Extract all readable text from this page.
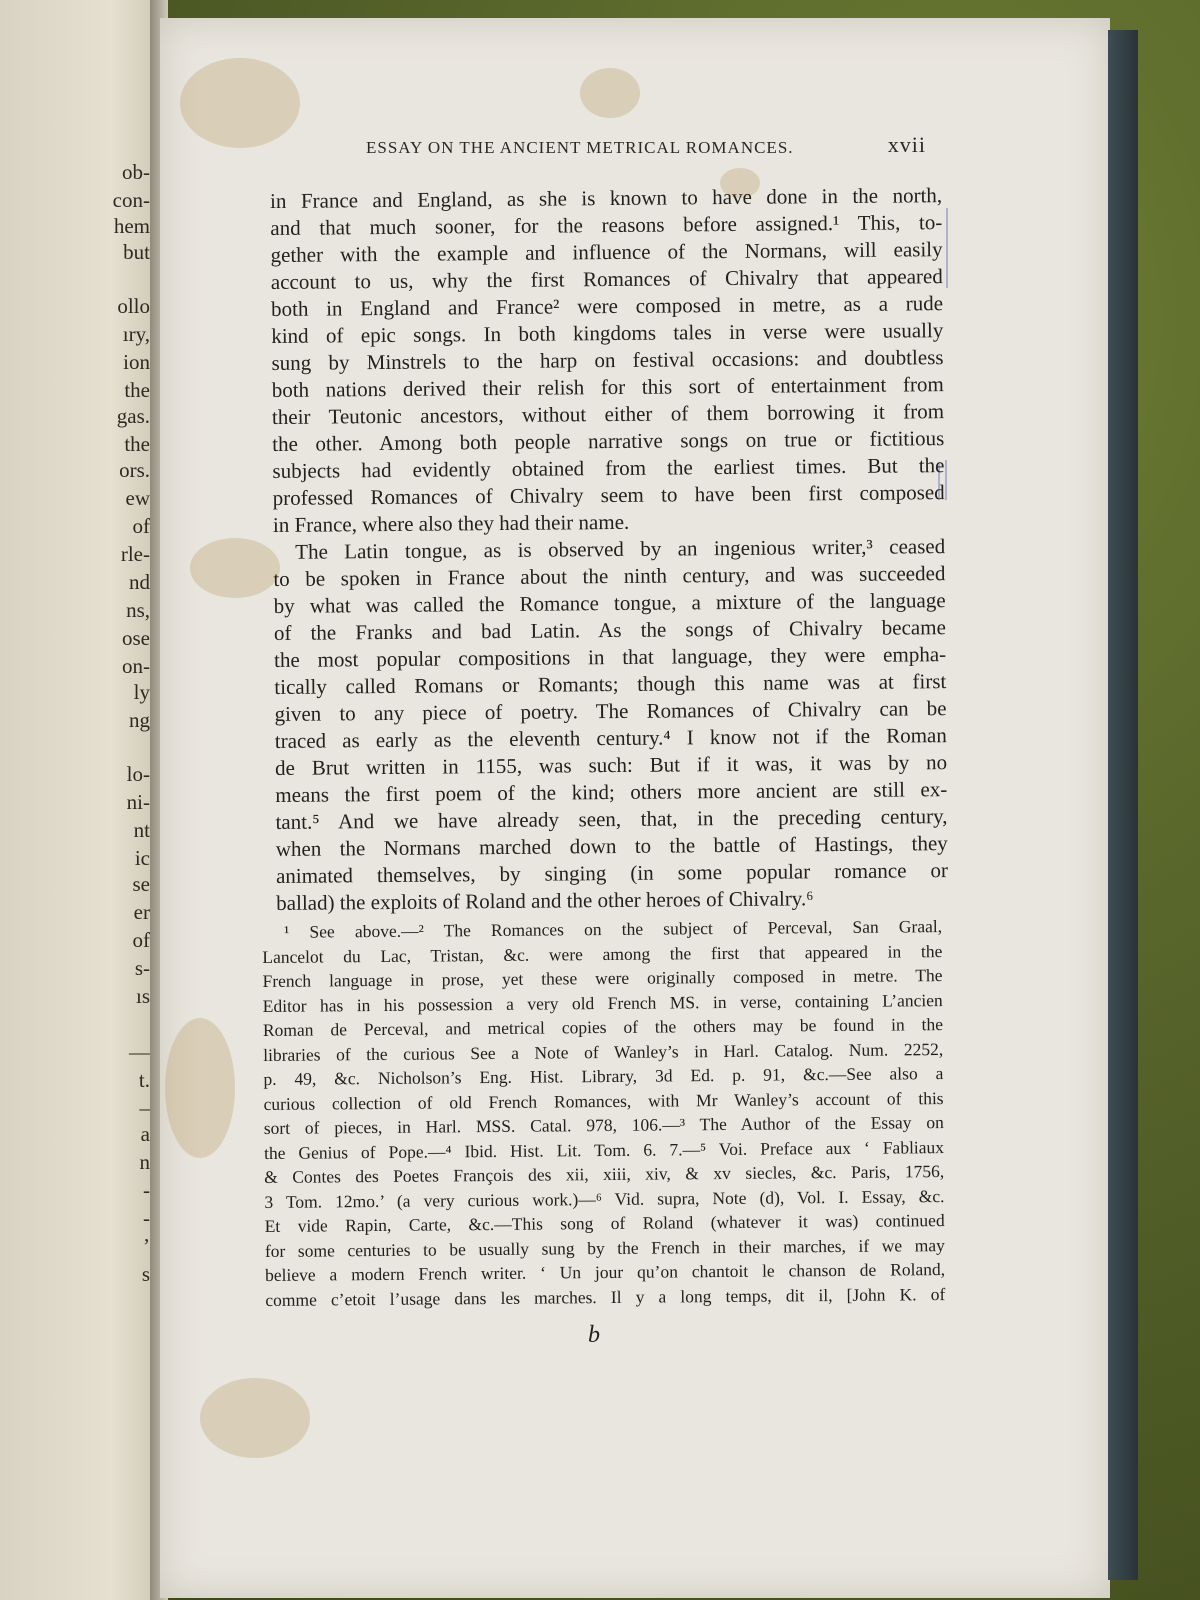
ob-
con-
hem
but
ollo
ıry,
ion
the
gas.
the
ors.
ew
of
rle-
nd
ns,
ose
on-
ly
ng
lo-
ni-
nt
ic
se
er
of
s-
ıs
—
t.
–
a
n
-
-
’
s
ESSAY ON THE ANCIENT METRICAL ROMANCES.	xvii
in France and England, as she is known to have done in the north,
and that much sooner, for the reasons before assigned.¹ This, to-
gether with the example and influence of the Normans, will easily
account to us, why the first Romances of Chivalry that appeared
both in England and France² were composed in metre, as a rude
kind of epic songs. In both kingdoms tales in verse were usually
sung by Minstrels to the harp on festival occasions: and doubtless
both nations derived their relish for this sort of entertainment from
their Teutonic ancestors, without either of them borrowing it from
the other. Among both people narrative songs on true or fictitious
subjects had evidently obtained from the earliest times. But the
professed Romances of Chivalry seem to have been first composed
in France, where also they had their name.
The Latin tongue, as is observed by an ingenious writer,³ ceased
to be spoken in France about the ninth century, and was succeeded
by what was called the Romance tongue, a mixture of the language
of the Franks and bad Latin. As the songs of Chivalry became
the most popular compositions in that language, they were empha-
tically called Romans or Romants; though this name was at first
given to any piece of poetry. The Romances of Chivalry can be
traced as early as the eleventh century.⁴ I know not if the Roman
de Brut written in 1155, was such: But if it was, it was by no
means the first poem of the kind; others more ancient are still ex-
tant.⁵ And we have already seen, that, in the preceding century,
when the Normans marched down to the battle of Hastings, they
animated themselves, by singing (in some popular romance or
ballad) the exploits of Roland and the other heroes of Chivalry.⁶
¹ See above.—² The Romances on the subject of Perceval, San Graal,
Lancelot du Lac, Tristan, &c. were among the first that appeared in the
French language in prose, yet these were originally composed in metre. The
Editor has in his possession a very old French MS. in verse, containing L’ancien
Roman de Perceval, and metrical copies of the others may be found in the
libraries of the curious See a Note of Wanley’s in Harl. Catalog. Num. 2252,
p. 49, &c. Nicholson’s Eng. Hist. Library, 3d Ed. p. 91, &c.—See also a
curious collection of old French Romances, with Mr Wanley’s account of this
sort of pieces, in Harl. MSS. Catal. 978, 106.—³ The Author of the Essay on
the Genius of Pope.—⁴ Ibid. Hist. Lit. Tom. 6. 7.—⁵ Voi. Preface aux ‘ Fabliaux
& Contes des Poetes François des xii, xiii, xiv, & xv siecles, &c. Paris, 1756,
3 Tom. 12mo.’ (a very curious work.)—⁶ Vid. supra, Note (d), Vol. I. Essay, &c.
Et vide Rapin, Carte, &c.—This song of Roland (whatever it was) continued
for some centuries to be usually sung by the French in their marches, if we may
believe a modern French writer. ‘ Un jour qu’on chantoit le chanson de Roland,
comme c’etoit l’usage dans les marches. Il y a long temps, dit il, [John K. of
b
